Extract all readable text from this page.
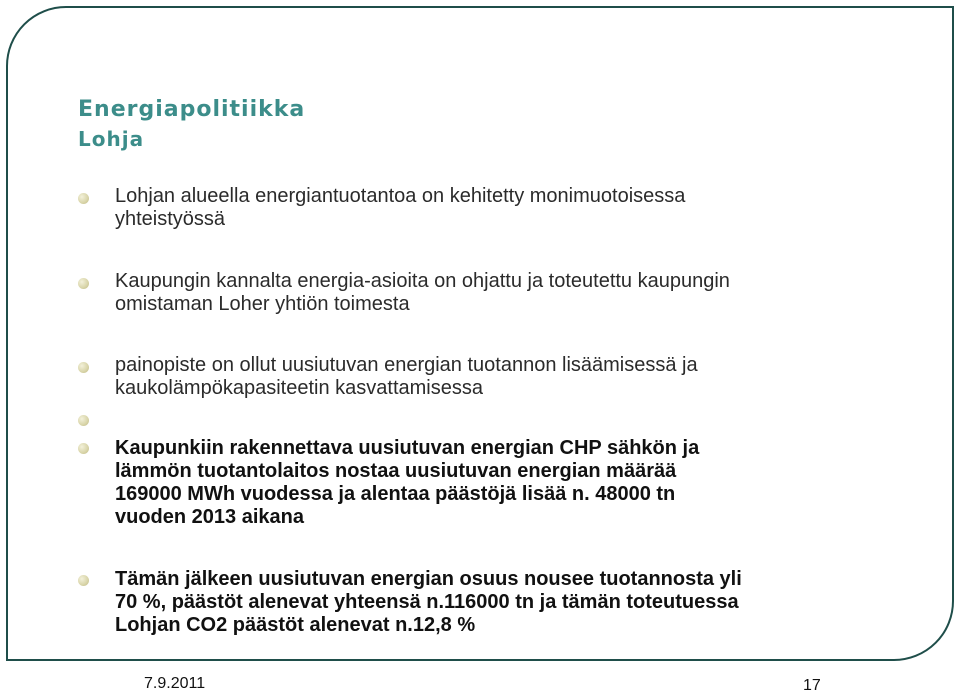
Energiapolitiikka
Lohja
Lohjan alueella energiantuotantoa on kehitetty monimuotoisessa
yhteistyössä
Kaupungin kannalta energia-asioita on ohjattu ja toteutettu kaupungin
omistaman Loher yhtiön toimesta
painopiste on ollut uusiutuvan energian tuotannon lisäämisessä ja
kaukolämpökapasiteetin kasvattamisessa
Kaupunkiin rakennettava uusiutuvan energian CHP sähkön ja
lämmön tuotantolaitos nostaa uusiutuvan energian määrää
169000 MWh vuodessa ja alentaa päästöjä lisää n. 48000 tn
vuoden 2013 aikana
Tämän jälkeen uusiutuvan energian osuus nousee tuotannosta yli
70 %, päästöt alenevat yhteensä n.116000 tn ja tämän toteutuessa
Lohjan CO2 päästöt alenevat n.12,8 %
7.9.2011	17
